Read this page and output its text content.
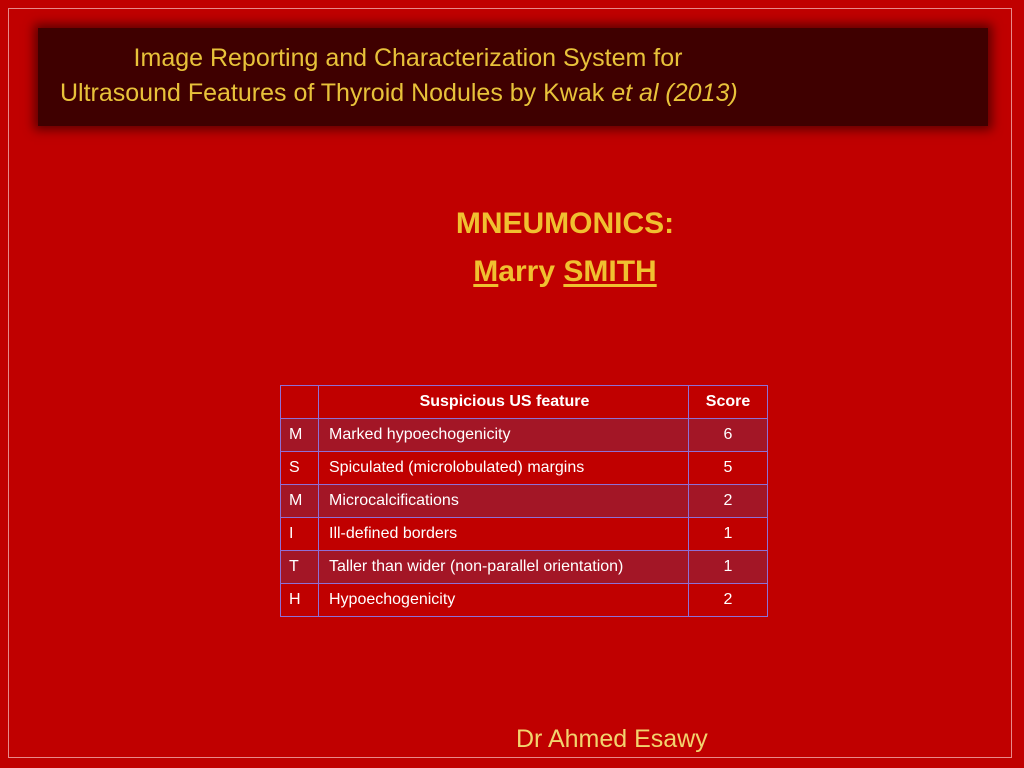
Image Reporting and Characterization System for
Ultrasound Features of Thyroid Nodules by Kwak et al (2013)
MNEUMONICS:
Marry SMITH
	Suspicious US feature	Score
M	Marked hypoechogenicity	6
S	Spiculated (microlobulated) margins	5
M	Microcalcifications	2
I	Ill-defined borders	1
T	Taller than wider (non-parallel orientation)	1
H	Hypoechogenicity	2
Dr Ahmed Esawy
